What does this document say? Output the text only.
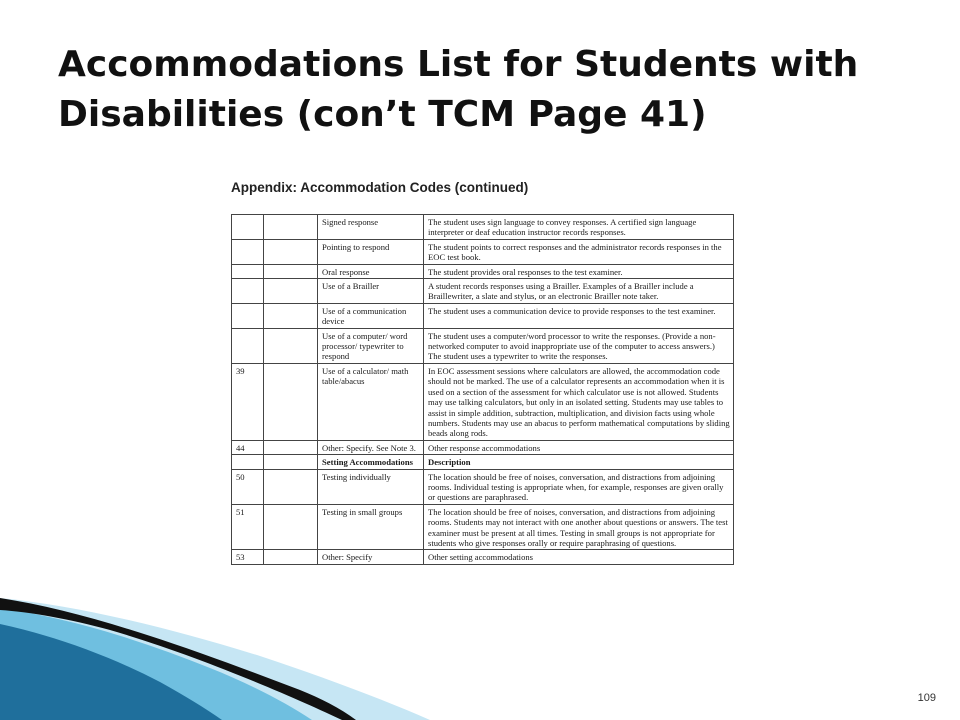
Accommodations List for Students with Disabilities (con’t TCM Page 41)
Appendix: Accommodation Codes (continued)
		Signed response	The student uses sign language to convey responses. A certified sign language interpreter or deaf education instructor records responses.
		Pointing to respond	The student points to correct responses and the administrator records responses in the EOC test book.
		Oral response	The student provides oral responses to the test examiner.
		Use of a Brailler	A student records responses using a Brailler. Examples of a Brailler include a Braillewriter, a slate and stylus, or an electronic Brailler note taker.
		Use of a communication device	The student uses a communication device to provide responses to the test examiner.
		Use of a computer/ word processor/ typewriter to respond	The student uses a computer/word processor to write the responses. (Provide a non-networked computer to avoid inappropriate use of the computer to access answers.) The student uses a typewriter to write the responses.
39		Use of a calculator/ math table/abacus	In EOC assessment sessions where calculators are allowed, the accommodation code should not be marked. The use of a calculator represents an accommodation when it is used on a section of the assessment for which calculator use is not allowed. Students may use talking calculators, but only in an isolated setting. Students may use tables to assist in simple addition, subtraction, multiplication, and division facts using whole numbers. Students may use an abacus to perform mathematical computations by sliding beads along rods.
44		Other: Specify. See Note 3.	Other response accommodations
		Setting Accommodations	Description
50		Testing individually	The location should be free of noises, conversation, and distractions from adjoining rooms. Individual testing is appropriate when, for example, responses are given orally or questions are paraphrased.
51		Testing in small groups	The location should be free of noises, conversation, and distractions from adjoining rooms. Students may not interact with one another about questions or answers. The test examiner must be present at all times. Testing in small groups is not appropriate for students who give responses orally or require paraphrasing of questions.
53		Other: Specify	Other setting accommodations
109
